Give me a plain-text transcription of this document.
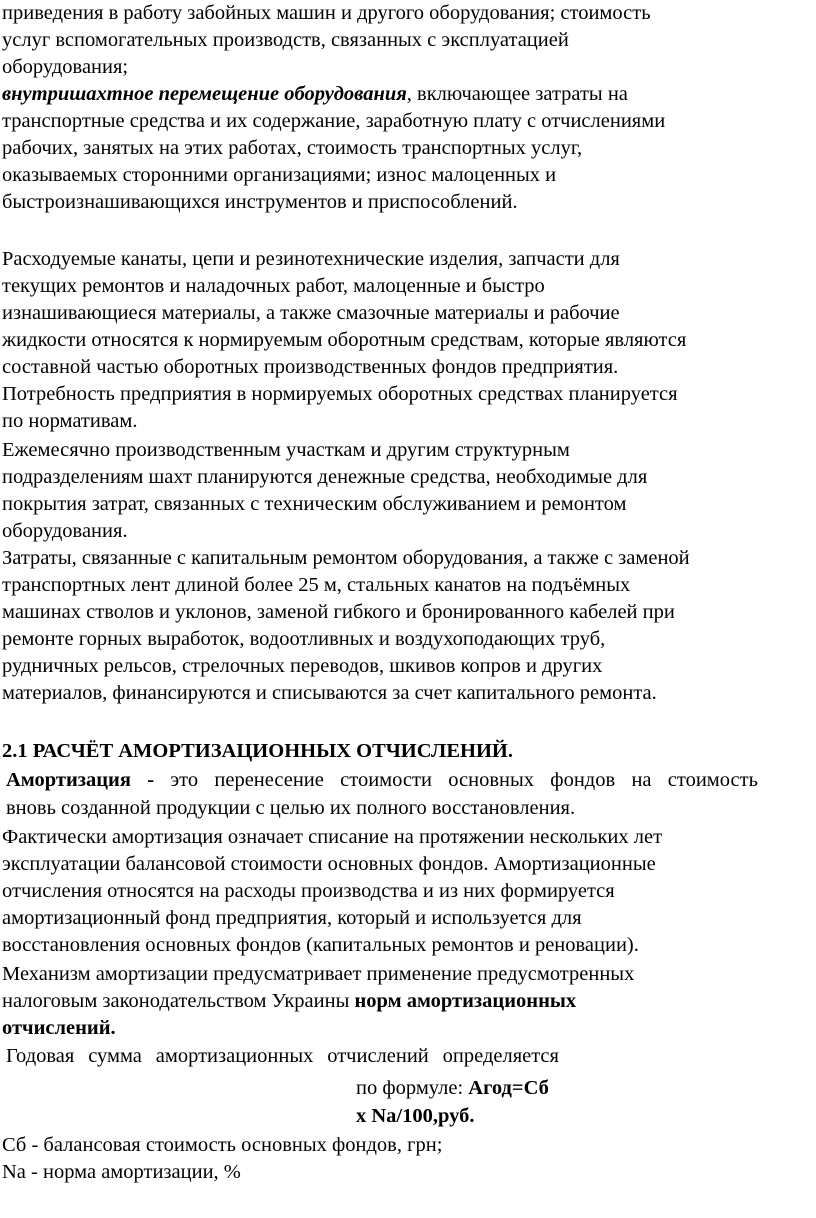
приведения в работу забойных машин и другого оборудования; стоимость
услуг вспомогательных производств, связанных с эксплуатацией
оборудования;
внутришахтное перемещение оборудования, включающее затраты на
транспортные средства и их содержание, заработную плату с отчислениями
рабочих, занятых на этих работах, стоимость транспортных услуг,
оказываемых сторонними организациями; износ малоценных и
быстроизнашивающихся инструментов и приспособлений.
Расходуемые канаты, цепи и резинотехнические изделия, запчасти для
текущих ремонтов и наладочных работ, малоценные и быстро
изнашивающиеся материалы, а также смазочные материалы и рабочие
жидкости относятся к нормируемым оборотным средствам, которые являются
составной частью оборотных производственных фондов предприятия.
Потребность предприятия в нормируемых оборотных средствах планируется
по нормативам.
Ежемесячно производственным участкам и другим структурным
подразделениям шахт планируются денежные средства, необходимые для
покрытия затрат, связанных с техническим обслуживанием и ремонтом
оборудования.
Затраты, связанные с капитальным ремонтом оборудования, а также с заменой
транспортных лент длиной более 25 м, стальных канатов на подъёмных
машинах стволов и уклонов, заменой гибкого и бронированного кабелей при
ремонте горных выработок, водоотливных и воздухоподающих труб,
рудничных рельсов, стрелочных переводов, шкивов копров и других
материалов, финансируются и списываются за счет капитального ремонта.
2.1 РАСЧЁТ АМОРТИЗАЦИОННЫХ ОТЧИСЛЕНИЙ.
Амортизация - это перенесение стоимости основных фондов на стоимость
вновь созданной продукции с целью их полного восстановления.
Фактически амортизация означает списание на протяжении нескольких лет
эксплуатации балансовой стоимости основных фондов. Амортизационные
отчисления относятся на расходы производства и из них формируется
амортизационный фонд предприятия, который и используется для
восстановления основных фондов (капитальных ремонтов и реновации).
Механизм амортизации предусматривает применение предусмотренных
налоговым законодательством Украины норм амортизационных
отчислений.
Годовая сумма амортизационных отчислений определяется
по формуле: Агод=Сб
х Nа/100,руб.
Сб - балансовая стоимость основных фондов, грн;
Nа - норма амортизации, %
